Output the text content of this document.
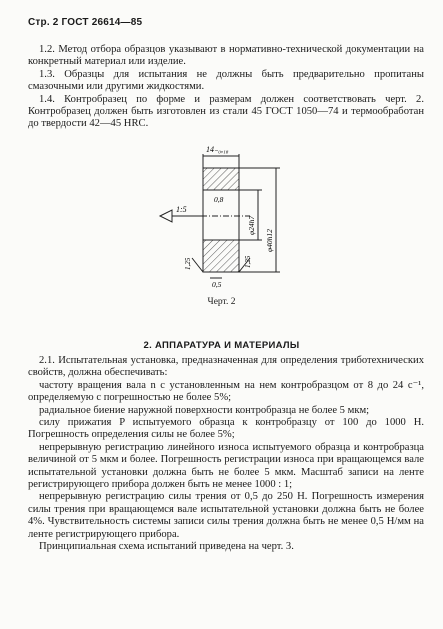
Стр. 2 ГОСТ 26614—85

1.2. Метод отбора образцов указывают в нормативно-технической документации на конкретный материал или изделие.

1.3. Образцы для испытания не должны быть предварительно пропитаны смазочными или другими жидкостями.

1.4. Контробразец по форме и размерам должен соответствовать черт. 2. Контробразец должен быть изготовлен из стали 45 ГОСТ 1050—74 и термообработан до твердости 42—45 HRC.

14₋₀,₁₈
0,8
φ24h7
φ40h12
1:5
1,25	1,25
0,5
Черт. 2
2. АППАРАТУРА И МАТЕРИАЛЫ

2.1. Испытательная установка, предназначенная для определения триботехнических свойств, должна обеспечивать:

частоту вращения вала n с установленным на нем контробразцом от 8 до 24 с⁻¹, определяемую с погрешностью не более 5%;

радиальное биение наружной поверхности контробразца не более 5 мкм;

силу прижатия P испытуемого образца к контробразцу от 100 до 1000 Н. Погрешность определения силы не более 5%;

непрерывную регистрацию линейного износа испытуемого образца и контробразца величиной от 5 мкм и более. Погрешность регистрации износа при вращающемся вале испытательной установки должна быть не более 5 мкм. Масштаб записи на ленте регистрирующего прибора должен быть не менее 1000 : 1;

непрерывную регистрацию силы трения от 0,5 до 250 Н. Погрешность измерения силы трения при вращающемся вале испытательной установки должна быть не более 4%. Чувствительность системы записи силы трения должна быть не менее 0,5 Н/мм на ленте регистрирующего прибора.

Принципиальная схема испытаний приведена на черт. 3.
